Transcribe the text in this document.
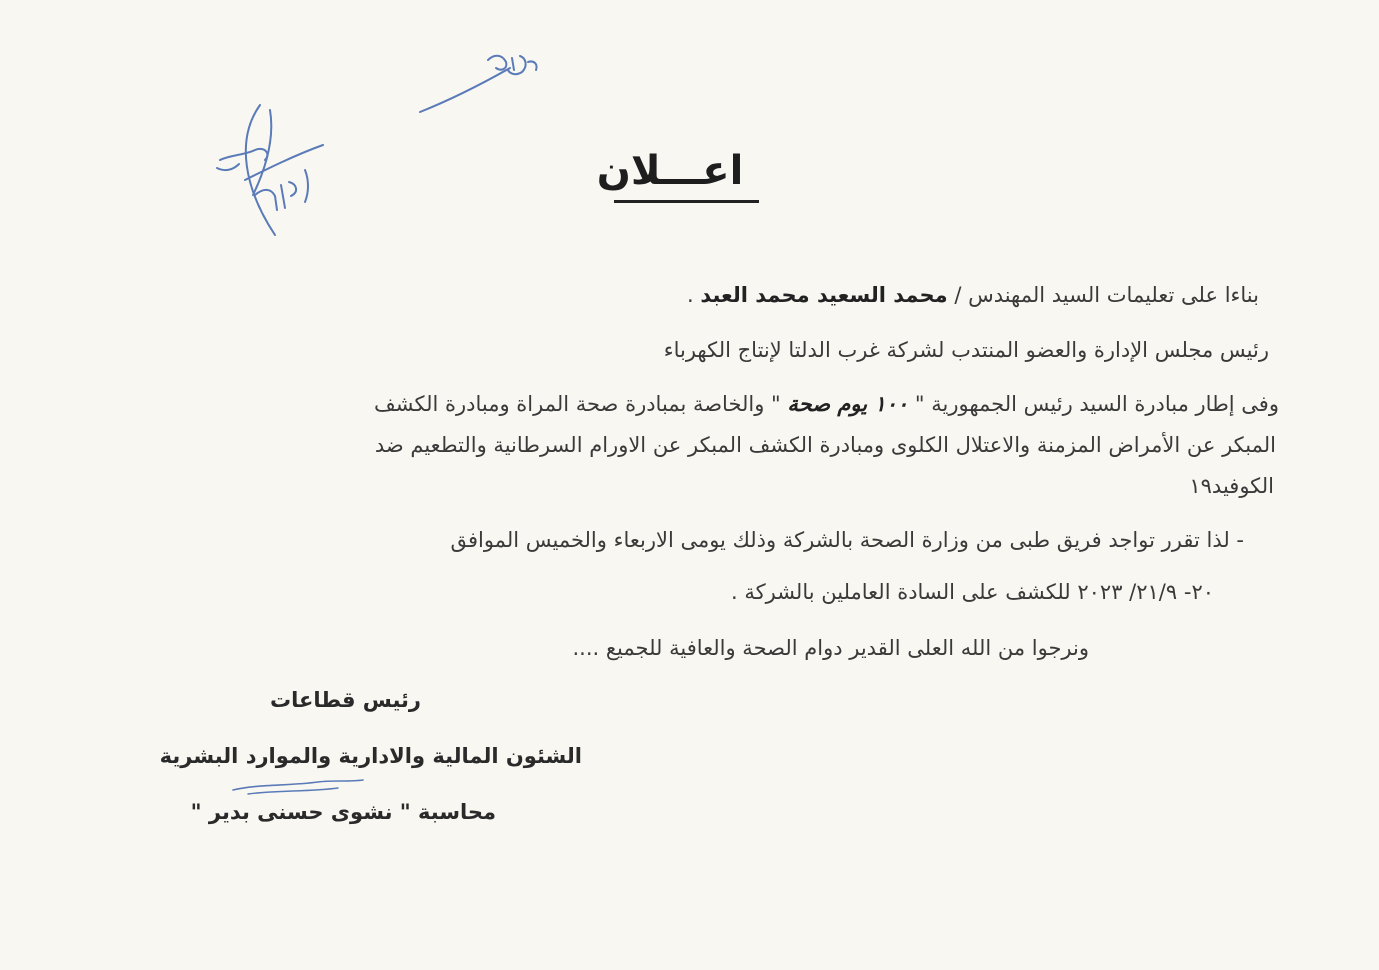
اعـــلان
بناءا على تعليمات السيد المهندس / محمد السعيد محمد العبد .
رئيس مجلس الإدارة والعضو المنتدب لشركة غرب الدلتا لإنتاج الكهرباء
وفى إطار مبادرة السيد رئيس الجمهورية " ١٠٠ يوم صحة " والخاصة بمبادرة صحة المراة ومبادرة الكشف
المبكر عن الأمراض المزمنة والاعتلال الكلوى ومبادرة الكشف المبكر عن الاورام السرطانية والتطعيم ضد
الكوفيد١٩
- لذا تقرر تواجد فريق طبى من وزارة الصحة بالشركة وذلك يومى الاربعاء والخميس الموافق
٢٠- ٢١/٩/ ٢٠٢٣ للكشف على السادة العاملين بالشركة .
ونرجوا من الله العلى القدير دوام الصحة والعافية للجميع ....
رئيس قطاعات
الشئون المالية والادارية والموارد البشرية
محاسبة " نشوى حسنى بدير "
